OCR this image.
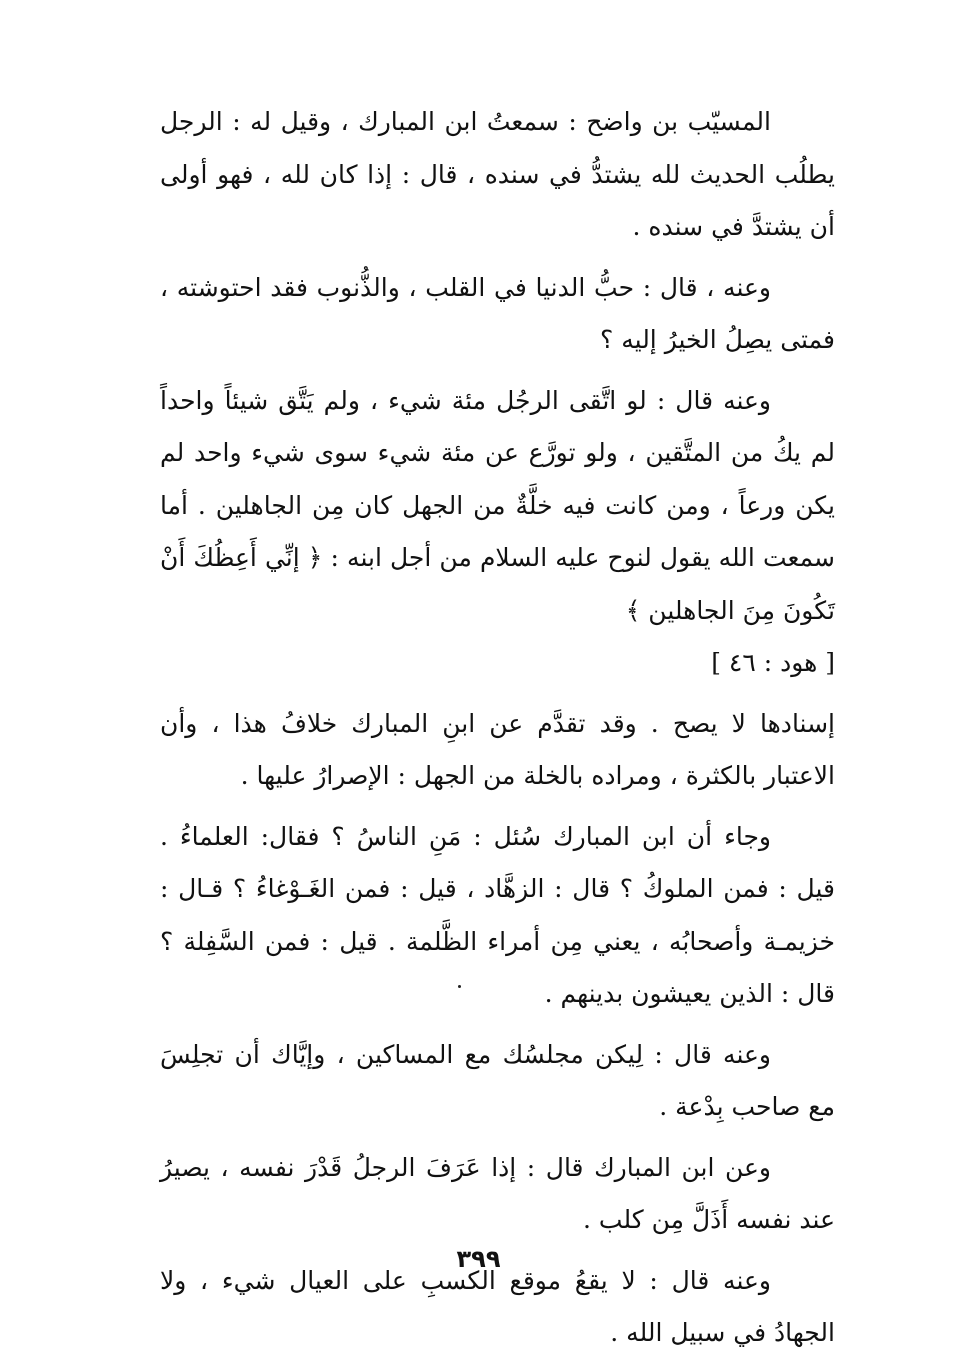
المسيّب بن واضح : سمعتُ ابن المبارك ، وقيل له : الرجل يطلُب الحديث لله يشتدُّ في سنده ، قال : إذا كان لله ، فهو أولى أن يشتدَّ في سنده .

وعنه ، قال : حبُّ الدنيا في القلب ، والذُّنوب فقد احتوشته ، فمتى يصِلُ الخيرُ إليه ؟

وعنه قال : لو اتَّقى الرجُل مئة شيء ، ولم يَتَّق شيئاً واحداً لم يكُ من المتَّقين ، ولو تورَّع عن مئة شيء سوى شيء واحد لم يكن ورعاً ، ومن كانت فيه خلَّةٌ من الجهل كان مِن الجاهلين . أما سمعت الله يقول لنوح عليه السلام من أجل ابنه : ﴿ إنِّي أَعِظُكَ أَنْ تَكُونَ مِنَ الجاهلين ﴾
[ هود : ٤٦ ]

إسنادها لا يصح . وقد تقدَّم عن ابنِ المبارك خلافُ هذا ، وأن الاعتبار بالكثرة ، ومراده بالخلة من الجهل : الإصرارُ عليها .

وجاء أن ابن المبارك سُئل : مَنِ الناسُ ؟ فقال: العلماءُ . قيل : فمن الملوكُ ؟ قال : الزهَّاد ، قيل : فمن الغَـوْغاءُ ؟ قـال : خزيمـة وأصحابُه ، يعني مِن أمراء الظَّلمة . قيل : فمن السَّفِلة ؟ قال : الذين يعيشون بدينهم .

وعنه قال : لِيكن مجلسُك مع المساكين ، وإيَّاك أن تجلِسَ مع صاحب بِدْعة .

وعن ابن المبارك قال : إذا عَرَفَ الرجلُ قَدْرَ نفسه ، يصيرُ عند نفسه أَذَلَّ مِن كلب .

وعنه قال : لا يقعُ موقع الكسبِ على العيال شيء ، ولا الجهادُ في سبيل الله .

٣٩٩
